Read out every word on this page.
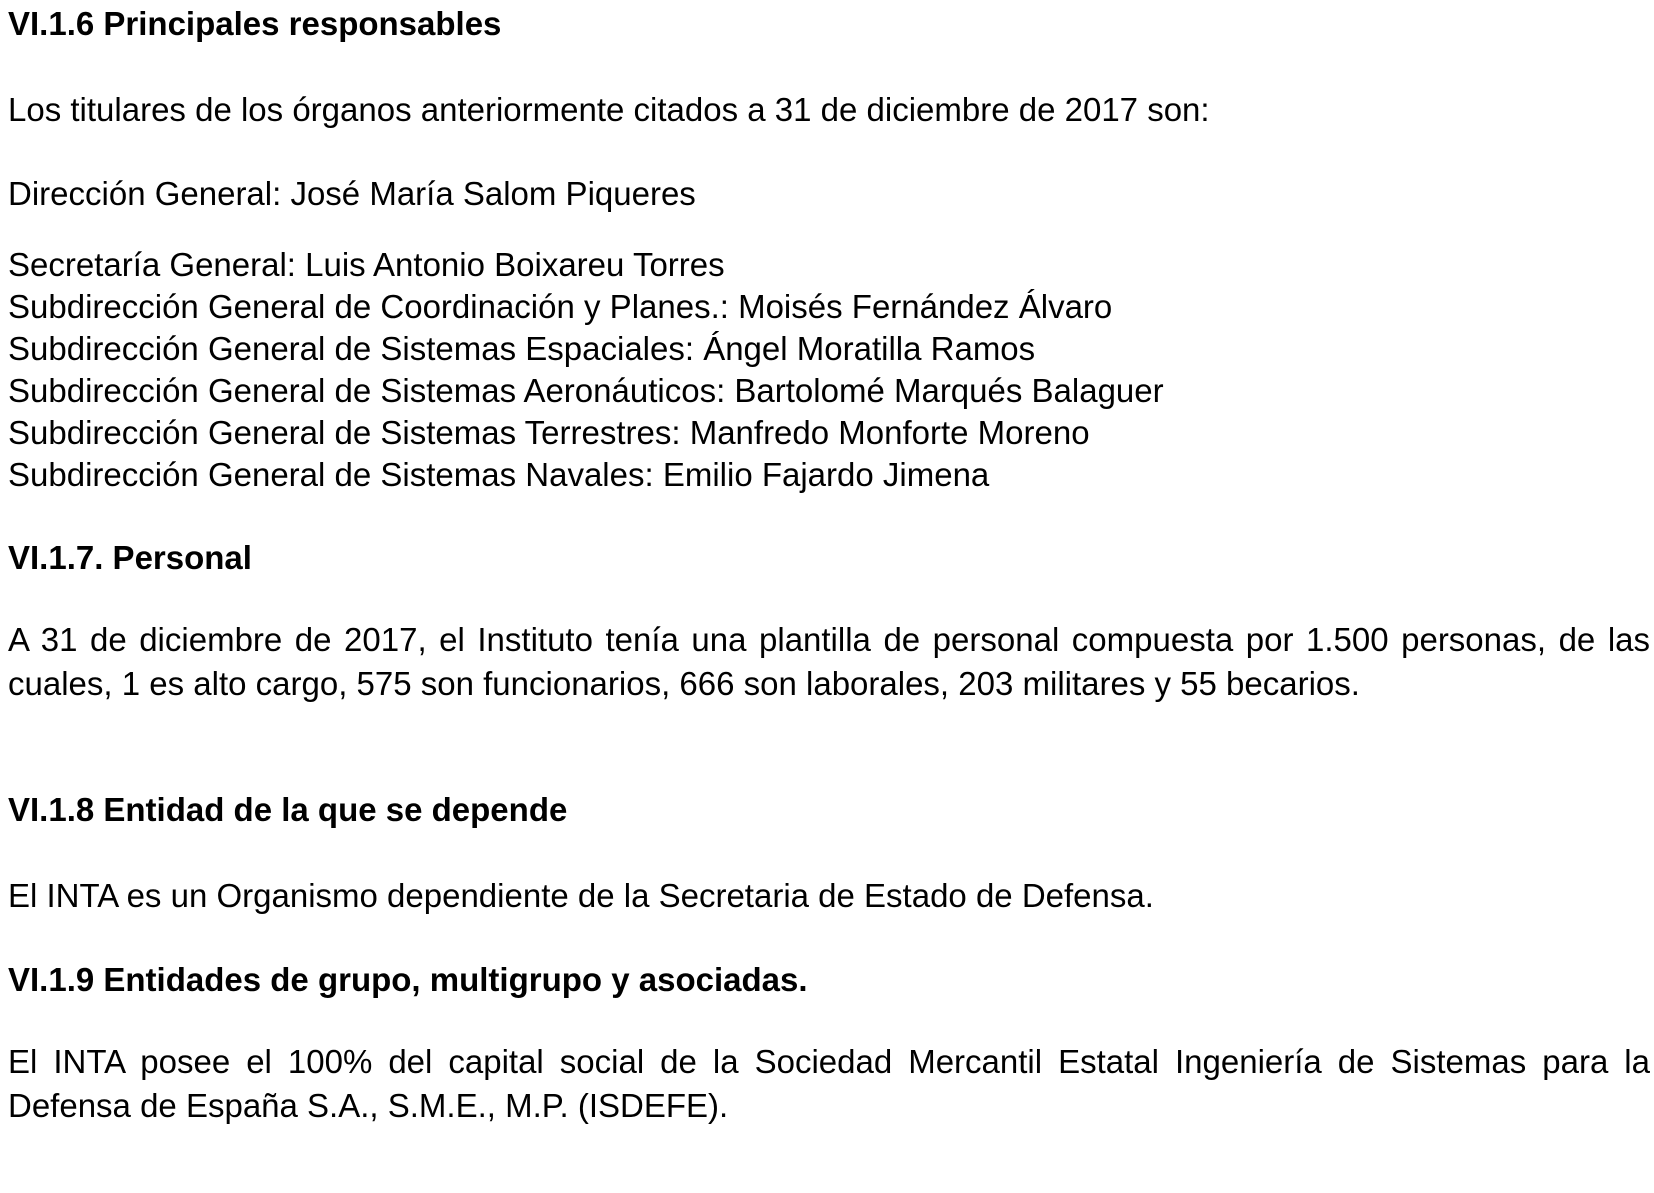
VI.1.6 Principales responsables
Los titulares de los órganos anteriormente citados a 31 de diciembre de 2017 son:
Dirección General: José María Salom Piqueres
Secretaría General: Luis Antonio Boixareu Torres
Subdirección General de Coordinación y Planes.: Moisés Fernández Álvaro
Subdirección General de Sistemas Espaciales: Ángel Moratilla Ramos
Subdirección General de Sistemas Aeronáuticos: Bartolomé Marqués Balaguer
Subdirección General de Sistemas Terrestres: Manfredo Monforte Moreno
Subdirección General de Sistemas Navales: Emilio Fajardo Jimena
VI.1.7. Personal
A 31 de diciembre de 2017, el Instituto tenía una plantilla de personal compuesta por 1.500 personas, de las cuales, 1 es alto cargo, 575 son funcionarios, 666 son laborales, 203 militares y 55 becarios.
VI.1.8 Entidad de la que se depende
El INTA es un Organismo dependiente de la Secretaria de Estado de Defensa.
VI.1.9 Entidades de grupo, multigrupo y asociadas.
El INTA posee el 100% del capital social de la Sociedad Mercantil Estatal Ingeniería de Sistemas para la Defensa de España S.A., S.M.E., M.P. (ISDEFE).
